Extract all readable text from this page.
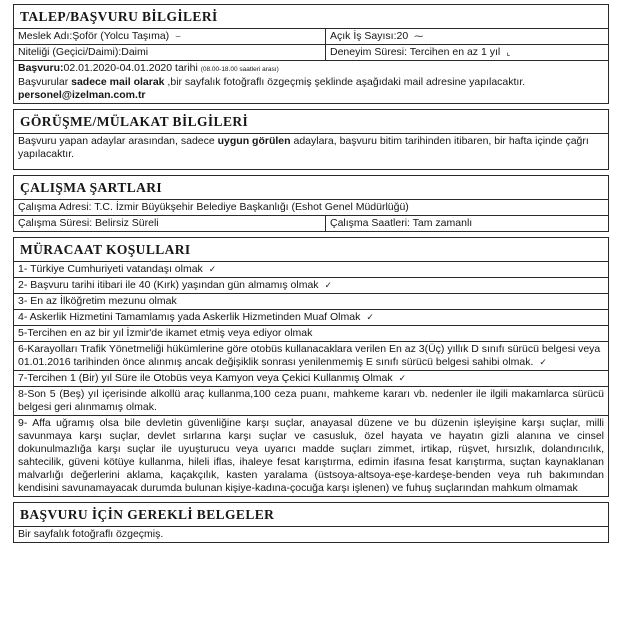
TALEP/BAŞVURU BİLGİLERİ
Meslek Adı:Şoför (Yolcu Taşıma) ⌣	Açık İş Sayısı:20 ⁓
Niteliği (Geçici/Daimi):Daimi	Deneyim Süresi: Tercihen en az 1 yıl ⌞
Başvuru:02.01.2020-04.01.2020 tarihi (08.00-18.00 saatleri arası)
Başvurular sadece mail olarak ,bir sayfalık fotoğraflı özgeçmiş şeklinde aşağıdaki mail adresine yapılacaktır.
personel@izelman.com.tr
GÖRÜŞME/MÜLAKAT BİLGİLERİ
Başvuru yapan adaylar arasından, sadece uygun görülen adaylara, başvuru bitim tarihinden itibaren, bir hafta içinde çağrı yapılacaktır.
ÇALIŞMA ŞARTLARI
Çalışma Adresi: T.C. İzmir Büyükşehir Belediye Başkanlığı (Eshot Genel Müdürlüğü)
Çalışma Süresi: Belirsiz Süreli	Çalışma Saatleri: Tam zamanlı
MÜRACAAT KOŞULLARI
1- Türkiye Cumhuriyeti vatandaşı olmak ✓
2- Başvuru tarihi itibari ile 40 (Kırk) yaşından gün almamış olmak ✓
3- En az İlköğretim mezunu olmak
4- Askerlik Hizmetini Tamamlamış yada Askerlik Hizmetinden Muaf Olmak ✓
5-Tercihen en az bir yıl İzmir'de ikamet etmiş veya ediyor olmak
6-Karayolları Trafik Yönetmeliği hükümlerine göre otobüs kullanacaklara verilen En az 3(Üç) yıllık D sınıfı sürücü belgesi veya 01.01.2016 tarihinden önce alınmış ancak değişiklik sonrası yenilenmemiş E sınıfı sürücü belgesi sahibi olmak. ✓
7-Tercihen 1 (Bir) yıl Süre ile Otobüs veya Kamyon veya Çekici Kullanmış Olmak ✓
8-Son 5 (Beş) yıl içerisinde alkollü araç kullanma,100 ceza puanı, mahkeme kararı vb. nedenler ile ilgili makamlarca sürücü belgesi geri alınmamış olmak.
9- Affa uğramış olsa bile devletin güvenliğine karşı suçlar, anayasal düzene ve bu düzenin işleyişine karşı suçlar, milli savunmaya karşı suçlar, devlet sırlarına karşı suçlar ve casusluk, özel hayata ve hayatın gizli alanına ve cinsel dokunulmazlığa karşı suçlar ile uyuşturucu veya uyarıcı madde suçları zimmet, irtikap, rüşvet, hırsızlık, dolandırıcılık, sahtecilik, güveni kötüye kullanma, hileli iflas, ihaleye fesat karıştırma, edimin ifasına fesat karıştırma, suçtan kaynaklanan malvarlığı değerlerini aklama, kaçakçılık, kasten yaralama (üstsoya-altsoya-eşe-kardeşe-benden veya ruh bakımından kendisini savunamayacak durumda bulunan kişiye-kadına-çocuğa karşı işlenen) ve fuhuş suçlarından mahkum olmamak
BAŞVURU İÇİN GEREKLİ BELGELER
Bir sayfalık fotoğraflı özgeçmiş.
